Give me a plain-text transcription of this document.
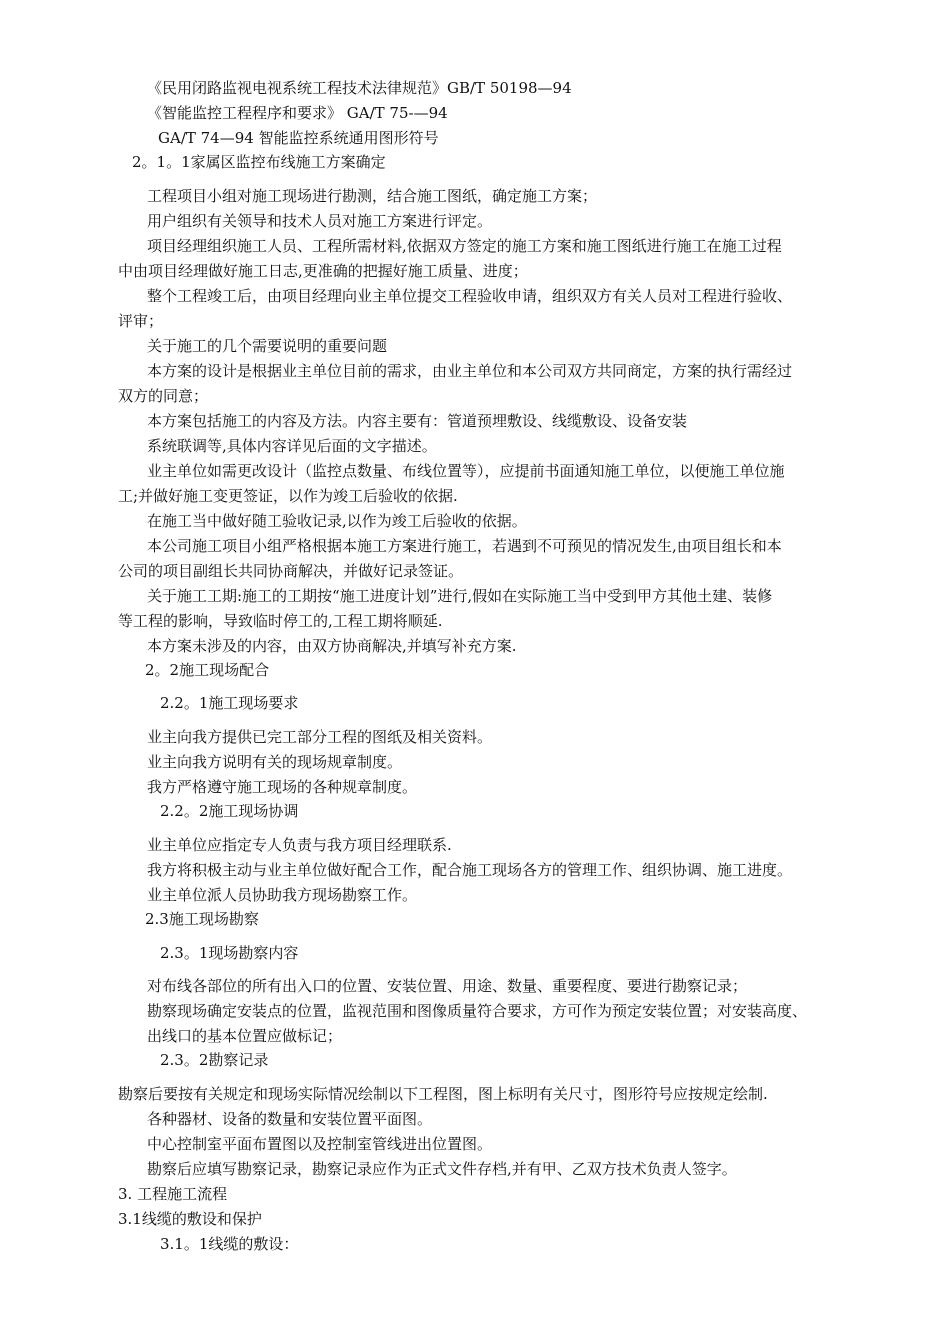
《民用闭路监视电视系统工程技术法律规范》GB/T 50198—94
《智能监控工程程序和要求》 GA/T 75-—94
GA/T 74—94 智能监控系统通用图形符号
2。1。1家属区监控布线施工方案确定
工程项目小组对施工现场进行勘测，结合施工图纸，确定施工方案；
用户组织有关领导和技术人员对施工方案进行评定。
项目经理组织施工人员、工程所需材料,依据双方签定的施工方案和施工图纸进行施工在施工过程
中由项目经理做好施工日志,更准确的把握好施工质量、进度；
整个工程竣工后，由项目经理向业主单位提交工程验收申请，组织双方有关人员对工程进行验收、
评审；
关于施工的几个需要说明的重要问题
本方案的设计是根据业主单位目前的需求，由业主单位和本公司双方共同商定，方案的执行需经过
双方的同意；
本方案包括施工的内容及方法。内容主要有：管道预埋敷设、线缆敷设、设备安装
系统联调等,具体内容详见后面的文字描述。
业主单位如需更改设计（监控点数量、布线位置等），应提前书面通知施工单位，以便施工单位施
工;并做好施工变更签证，以作为竣工后验收的依据.
在施工当中做好随工验收记录,以作为竣工后验收的依据。
本公司施工项目小组严格根据本施工方案进行施工，若遇到不可预见的情况发生,由项目组长和本
公司的项目副组长共同协商解决，并做好记录签证。
关于施工工期:施工的工期按“施工进度计划”进行,假如在实际施工当中受到甲方其他土建、装修
等工程的影响，导致临时停工的,工程工期将顺延.
本方案未涉及的内容，由双方协商解决,并填写补充方案.
2。2施工现场配合
2.2。1施工现场要求
业主向我方提供已完工部分工程的图纸及相关资料。
业主向我方说明有关的现场规章制度。
我方严格遵守施工现场的各种规章制度。
2.2。2施工现场协调
业主单位应指定专人负责与我方项目经理联系.
我方将积极主动与业主单位做好配合工作，配合施工现场各方的管理工作、组织协调、施工进度。
业主单位派人员协助我方现场勘察工作。
2.3施工现场勘察
2.3。1现场勘察内容
对布线各部位的所有出入口的位置、安装位置、用途、数量、重要程度、要进行勘察记录；
勘察现场确定安装点的位置，监视范围和图像质量符合要求，方可作为预定安装位置；对安装高度、
出线口的基本位置应做标记；
2.3。2勘察记录
勘察后要按有关规定和现场实际情况绘制以下工程图，图上标明有关尺寸，图形符号应按规定绘制.
各种器材、设备的数量和安装位置平面图。
中心控制室平面布置图以及控制室管线进出位置图。
勘察后应填写勘察记录，勘察记录应作为正式文件存档,并有甲、乙双方技术负责人签字。
3. 工程施工流程
3.1线缆的敷设和保护
3.1。1线缆的敷设：
